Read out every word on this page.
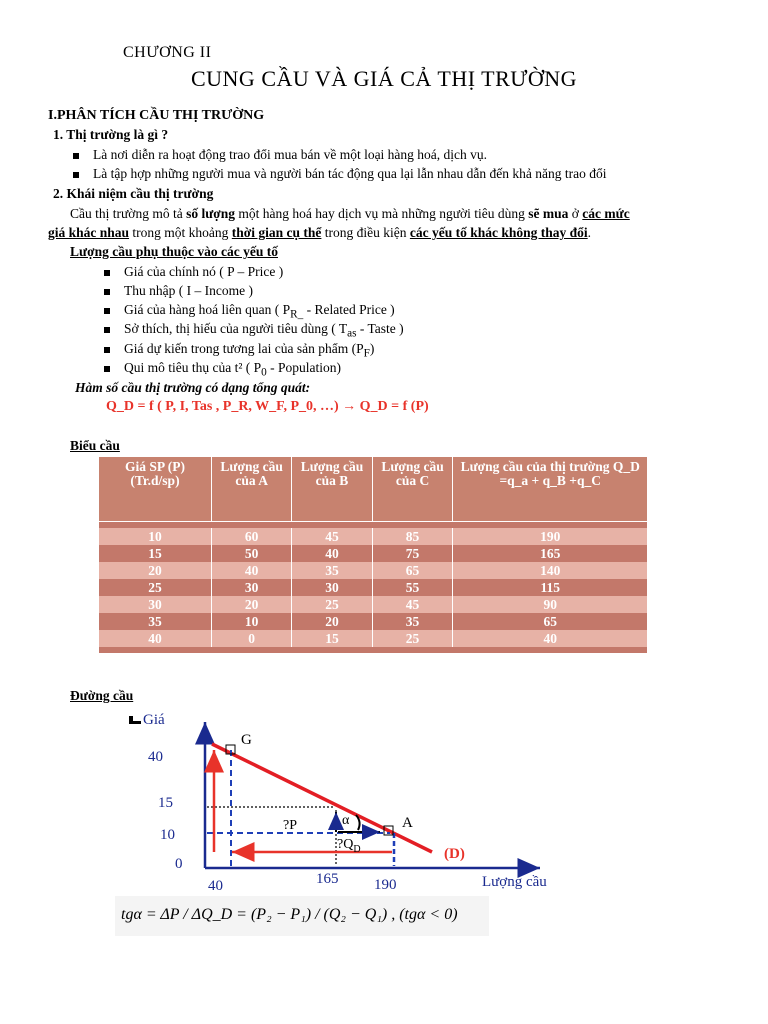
CHƯƠNG II
CUNG CẦU VÀ GIÁ CẢ THỊ TRƯỜNG
I.PHÂN TÍCH CẦU THỊ TRƯỜNG
1. Thị trường là gì ?
Là nơi diễn ra hoạt động trao đổi mua bán về một loại hàng hoá, dịch vụ.
Là tập hợp những người mua và người bán tác động qua lại lẫn nhau dẫn đến khả năng trao đổi
2. Khái niệm cầu thị trường
Cầu thị trường mô tả số lượng một hàng hoá hay dịch vụ mà những người tiêu dùng sẽ mua ở các mức
giá khác nhau trong một khoảng thời gian cụ thể trong điều kiện các yếu tố khác không thay đổi.
Lượng cầu phụ thuộc vào các yếu tố
Giá của chính nó ( P – Price )
Thu nhập ( I – Income )
Giá của hàng hoá liên quan ( $P_{R\_}$ - Related Price )
Sở thích, thị hiếu của người tiêu dùng ( $T_{as}$ - Taste )
Giá dự kiến trong tương lai của sản phẩm $(P_F)$
Qui mô tiêu thụ của t² ( $P_0$ - Population)
Hàm số cầu thị trường có dạng tổng quát:
Q_D = f ( P, I, Tas , P_R, W_F, P_0, …) → Q_D = f (P)
Biểu cầu
Giá SP (P) (Tr.d/sp)	Lượng cầu của A	Lượng cầu của B	Lượng cầu của C	Lượng cầu của thị trường Q_D =q_a + q_B +q_C

10	60	45	85	190
15	50	40	75	165
20	40	35	65	140
25	30	30	55	115
30	20	25	45	90
35	10	20	35	65
40	0	15	25	40

Đường cầu
Giá
Lượng cầu
40
15
10
0
40	165 190
(D)
G
A
α
?P
$?Q_D$
tgα = ΔP / ΔQ_D = (P₂ − P₁) / (Q₂ − Q₁) , (tgα < 0)
